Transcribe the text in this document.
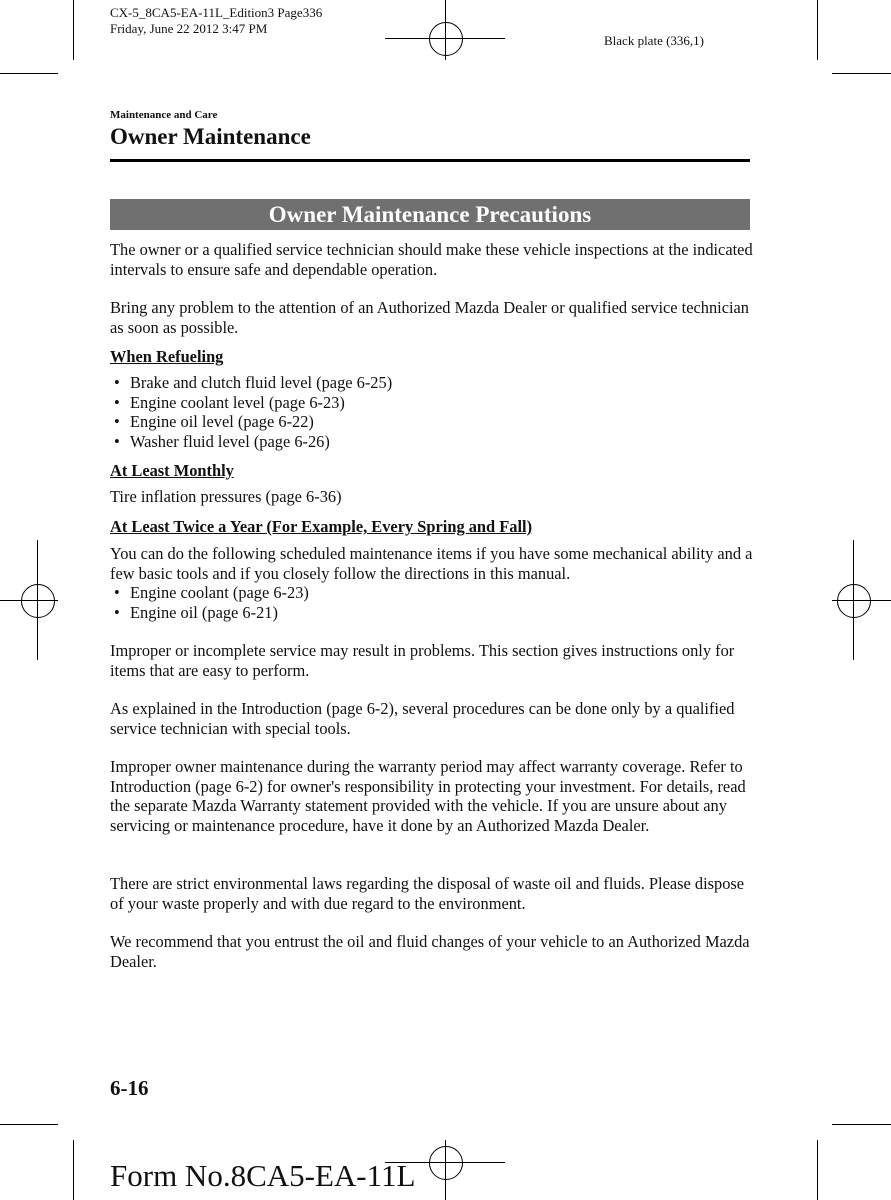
CX-5_8CA5-EA-11L_Edition3 Page336
Friday, June 22 2012 3:47 PM
Black plate (336,1)
Maintenance and Care
Owner Maintenance
Owner Maintenance Precautions
The owner or a qualified service technician should make these vehicle inspections at the indicated intervals to ensure safe and dependable operation.
Bring any problem to the attention of an Authorized Mazda Dealer or qualified service technician as soon as possible.
When Refueling
• Brake and clutch fluid level (page 6-25)
• Engine coolant level (page 6-23)
• Engine oil level (page 6-22)
• Washer fluid level (page 6-26)
At Least Monthly
Tire inflation pressures (page 6-36)
At Least Twice a Year (For Example, Every Spring and Fall)
You can do the following scheduled maintenance items if you have some mechanical ability and a few basic tools and if you closely follow the directions in this manual.
• Engine coolant (page 6-23)
• Engine oil (page 6-21)
Improper or incomplete service may result in problems. This section gives instructions only for items that are easy to perform.
As explained in the Introduction (page 6-2), several procedures can be done only by a qualified service technician with special tools.
Improper owner maintenance during the warranty period may affect warranty coverage. Refer to Introduction (page 6-2) for owner's responsibility in protecting your investment. For details, read the separate Mazda Warranty statement provided with the vehicle. If you are unsure about any servicing or maintenance procedure, have it done by an Authorized Mazda Dealer.
There are strict environmental laws regarding the disposal of waste oil and fluids. Please dispose of your waste properly and with due regard to the environment.
We recommend that you entrust the oil and fluid changes of your vehicle to an Authorized Mazda Dealer.
6-16
Form No.8CA5-EA-11L
